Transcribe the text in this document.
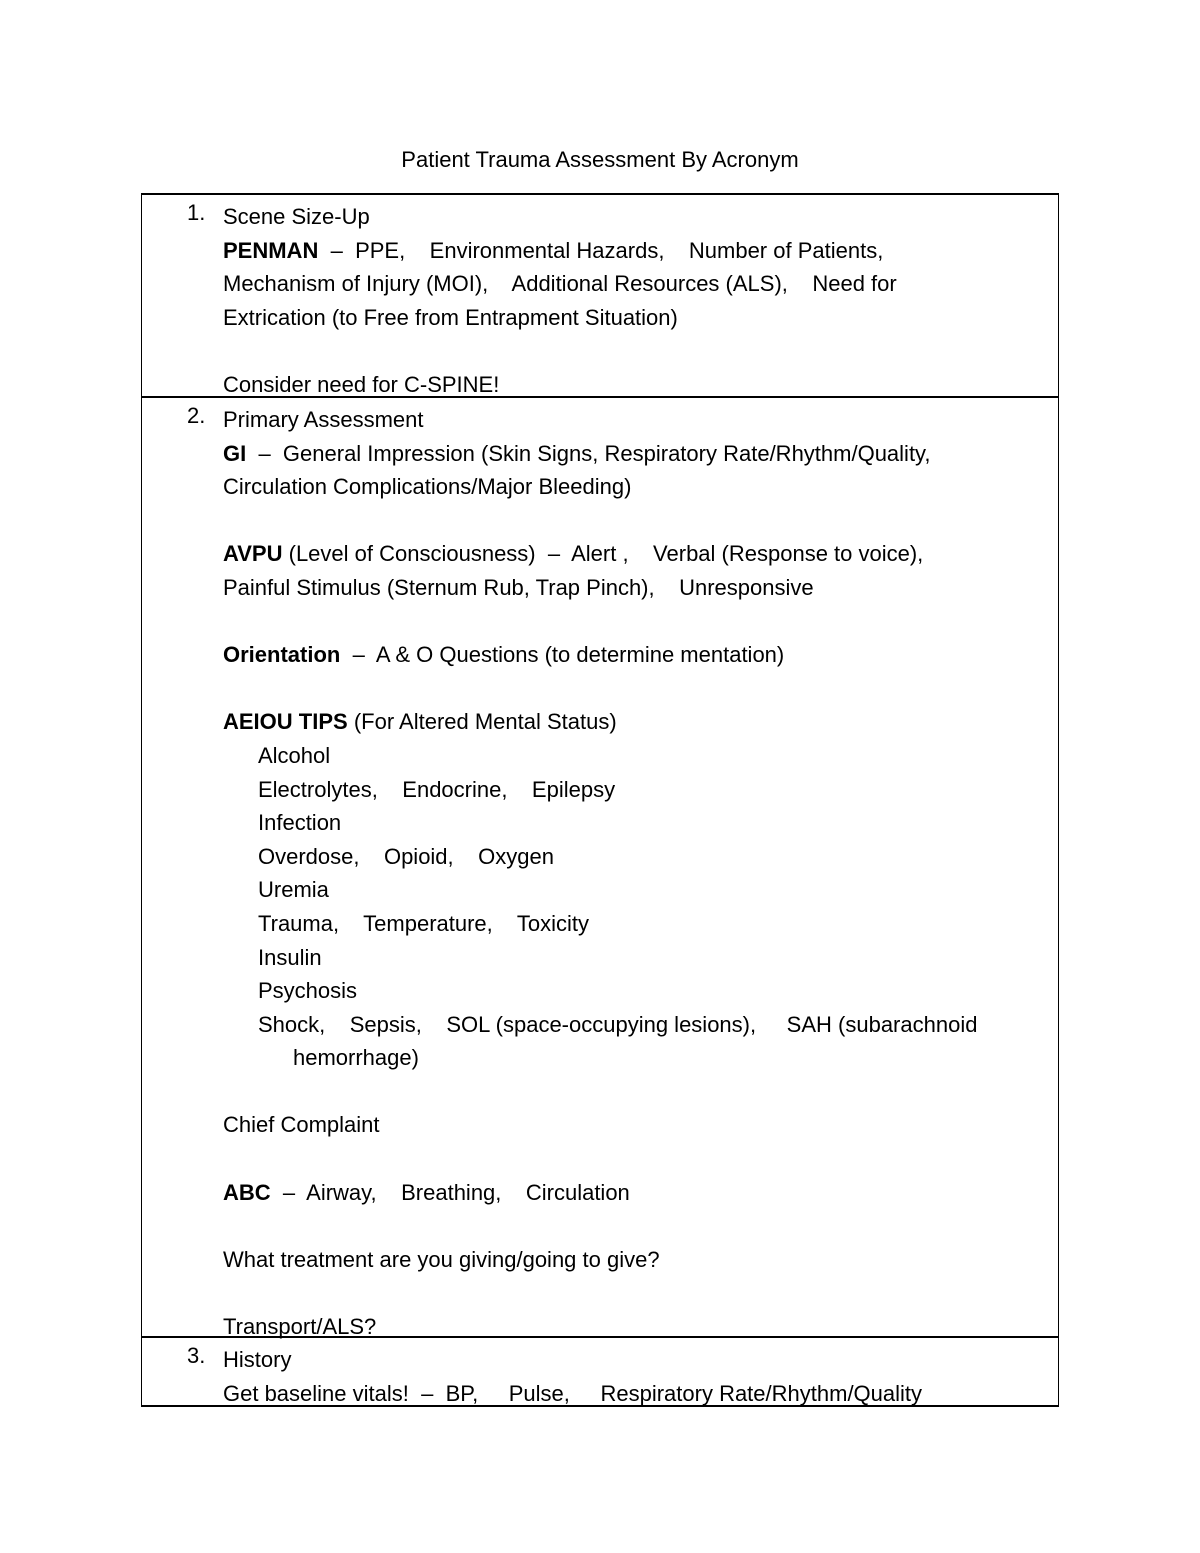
Patient Trauma Assessment By Acronym
1. Scene Size-Up
PENMAN – PPE, Environmental Hazards, Number of Patients,
Mechanism of Injury (MOI), Additional Resources (ALS), Need for
Extrication (to Free from Entrapment Situation)
Consider need for C-SPINE!

2. Primary Assessment
GI  –  General Impression (Skin Signs, Respiratory Rate/Rhythm/Quality,
Circulation Complications/Major Bleeding)
AVPU (Level of Consciousness)  –  Alert , Verbal (Response to voice),
Painful Stimulus (Sternum Rub, Trap Pinch), Unresponsive
Orientation  –  A & O Questions (to determine mentation)
AEIOU TIPS (For Altered Mental Status)
Alcohol
Electrolytes, Endocrine, Epilepsy
Infection
Overdose, Opioid, Oxygen
Uremia
Trauma, Temperature, Toxicity
Insulin
Psychosis
Shock, Sepsis, SOL (space-occupying lesions), SAH (subarachnoid
hemorrhage)
Chief Complaint
ABC  –  Airway, Breathing, Circulation
What treatment are you giving/going to give?
Transport/ALS?

3. History
Get baseline vitals!  –  BP, Pulse, Respiratory Rate/Rhythm/Quality
